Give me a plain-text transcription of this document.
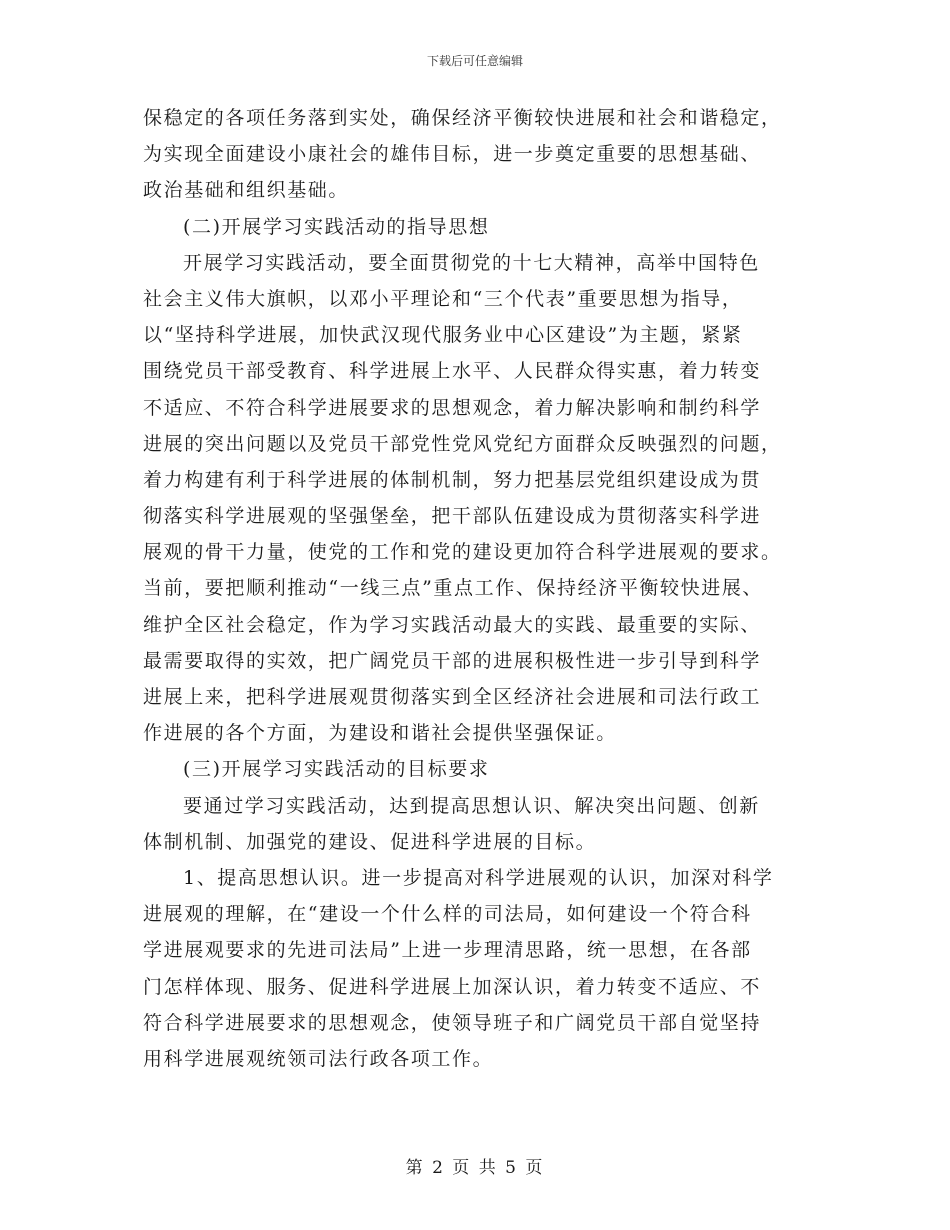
下载后可任意编辑
保稳定的各项任务落到实处，确保经济平衡较快进展和社会和谐稳定，
为实现全面建设小康社会的雄伟目标，进一步奠定重要的思想基础、
政治基础和组织基础。
(二)开展学习实践活动的指导思想
开展学习实践活动，要全面贯彻党的十七大精神，高举中国特色
社会主义伟大旗帜，以邓小平理论和“三个代表”重要思想为指导，
以“坚持科学进展，加快武汉现代服务业中心区建设”为主题，紧紧
围绕党员干部受教育、科学进展上水平、人民群众得实惠，着力转变
不适应、不符合科学进展要求的思想观念，着力解决影响和制约科学
进展的突出问题以及党员干部党性党风党纪方面群众反映强烈的问题，
着力构建有利于科学进展的体制机制，努力把基层党组织建设成为贯
彻落实科学进展观的坚强堡垒，把干部队伍建设成为贯彻落实科学进
展观的骨干力量，使党的工作和党的建设更加符合科学进展观的要求。
当前，要把顺利推动“一线三点”重点工作、保持经济平衡较快进展、
维护全区社会稳定，作为学习实践活动最大的实践、最重要的实际、
最需要取得的实效，把广阔党员干部的进展积极性进一步引导到科学
进展上来，把科学进展观贯彻落实到全区经济社会进展和司法行政工
作进展的各个方面，为建设和谐社会提供坚强保证。
(三)开展学习实践活动的目标要求
要通过学习实践活动，达到提高思想认识、解决突出问题、创新
体制机制、加强党的建设、促进科学进展的目标。
1、提高思想认识。进一步提高对科学进展观的认识，加深对科学
进展观的理解，在“建设一个什么样的司法局，如何建设一个符合科
学进展观要求的先进司法局”上进一步理清思路，统一思想，在各部
门怎样体现、服务、促进科学进展上加深认识，着力转变不适应、不
符合科学进展要求的思想观念，使领导班子和广阔党员干部自觉坚持
用科学进展观统领司法行政各项工作。
第 2 页 共 5 页
